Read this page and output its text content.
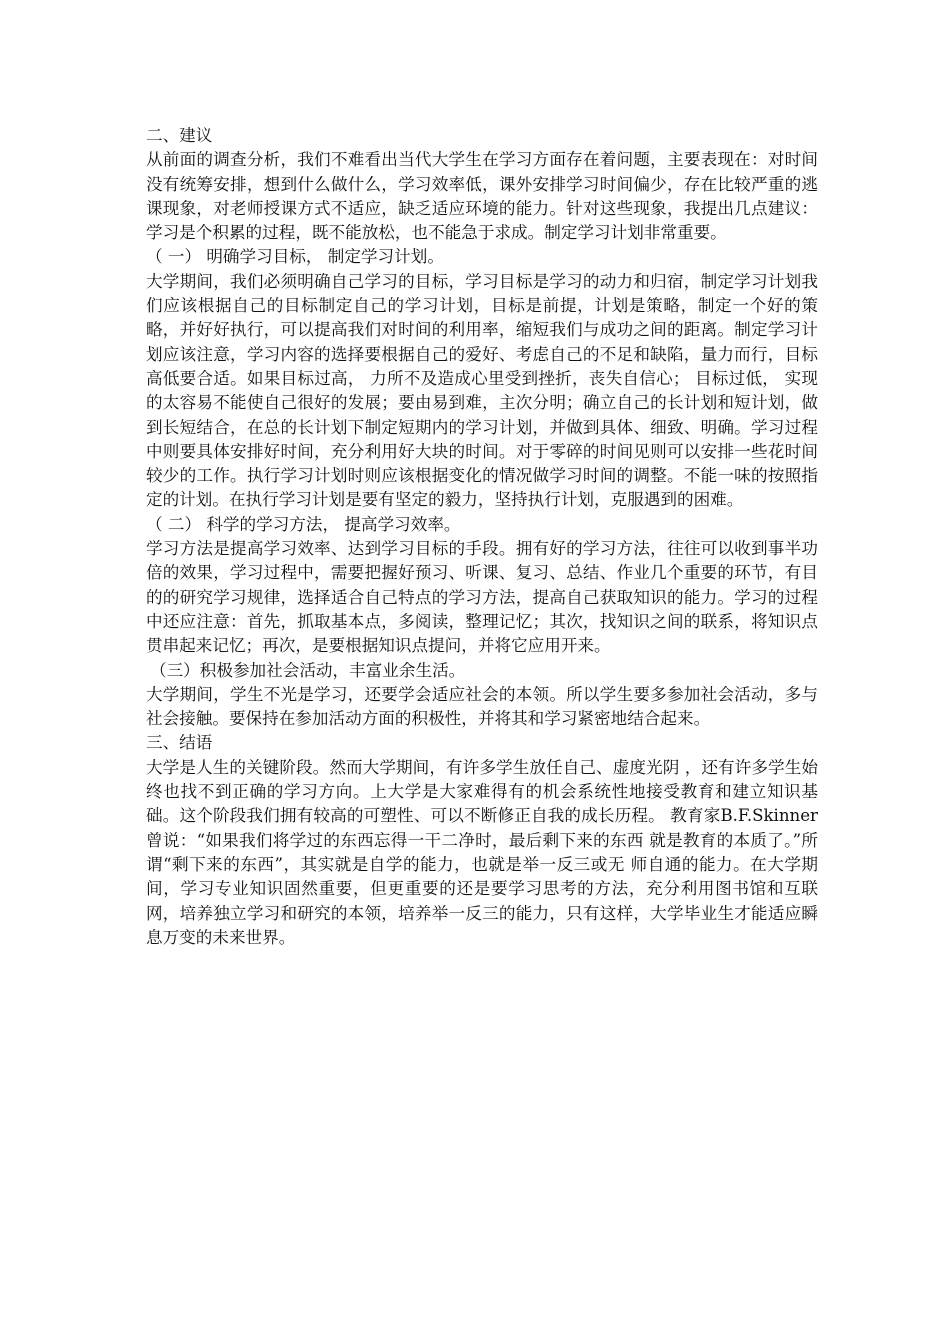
二、建议
从前面的调查分析，我们不难看出当代大学生在学习方面存在着问题，主要表现在：对时间没有统筹安排，想到什么做什么，学习效率低，课外安排学习时间偏少，存在比较严重的逃课现象，对老师授课方式不适应，缺乏适应环境的能力。针对这些现象，我提出几点建议：学习是个积累的过程，既不能放松，也不能急于求成。制定学习计划非常重要。
（ 一） 明确学习目标， 制定学习计划。
大学期间，我们必须明确自己学习的目标，学习目标是学习的动力和归宿，制定学习计划我们应该根据自己的目标制定自己的学习计划，目标是前提，计划是策略，制定一个好的策略，并好好执行，可以提高我们对时间的利用率，缩短我们与成功之间的距离。制定学习计划应该注意，学习内容的选择要根据自己的爱好、考虑自己的不足和缺陷，量力而行，目标高低要合适。如果目标过高， 力所不及造成心里受到挫折，丧失自信心； 目标过低， 实现的太容易不能使自己很好的发展；要由易到难，主次分明；确立自己的长计划和短计划，做到长短结合，在总的长计划下制定短期内的学习计划，并做到具体、细致、明确。学习过程中则要具体安排好时间，充分利用好大块的时间。对于零碎的时间见则可以安排一些花时间较少的工作。执行学习计划时则应该根据变化的情况做学习时间的调整。不能一味的按照指定的计划。在执行学习计划是要有坚定的毅力，坚持执行计划，克服遇到的困难。
（ 二） 科学的学习方法， 提高学习效率。
学习方法是提高学习效率、达到学习目标的手段。拥有好的学习方法，往往可以收到事半功倍的效果，学习过程中，需要把握好预习、听课、复习、总结、作业几个重要的环节，有目的的研究学习规律，选择适合自己特点的学习方法，提高自己获取知识的能力。学习的过程中还应注意：首先，抓取基本点，多阅读，整理记忆；其次，找知识之间的联系，将知识点贯串起来记忆；再次，是要根据知识点提问，并将它应用开来。
（三）积极参加社会活动，丰富业余生活。
大学期间，学生不光是学习，还要学会适应社会的本领。所以学生要多参加社会活动，多与社会接触。要保持在参加活动方面的积极性，并将其和学习紧密地结合起来。
三、结语
大学是人生的关键阶段。然而大学期间，有许多学生放任自己、虚度光阴 ，还有许多学生始终也找不到正确的学习方向。上大学是大家难得有的机会系统性地接受教育和建立知识基础。这个阶段我们拥有较高的可塑性、可以不断修正自我的成长历程。 教育家B.F.Skinner 曾说：“如果我们将学过的东西忘得一干二净时，最后剩下来的东西 就是教育的本质了。”所谓“剩下来的东西”，其实就是自学的能力，也就是举一反三或无 师自通的能力。在大学期间，学习专业知识固然重要，但更重要的还是要学习思考的方法，充分利用图书馆和互联网，培养独立学习和研究的本领，培养举一反三的能力，只有这样，大学毕业生才能适应瞬息万变的未来世界。
